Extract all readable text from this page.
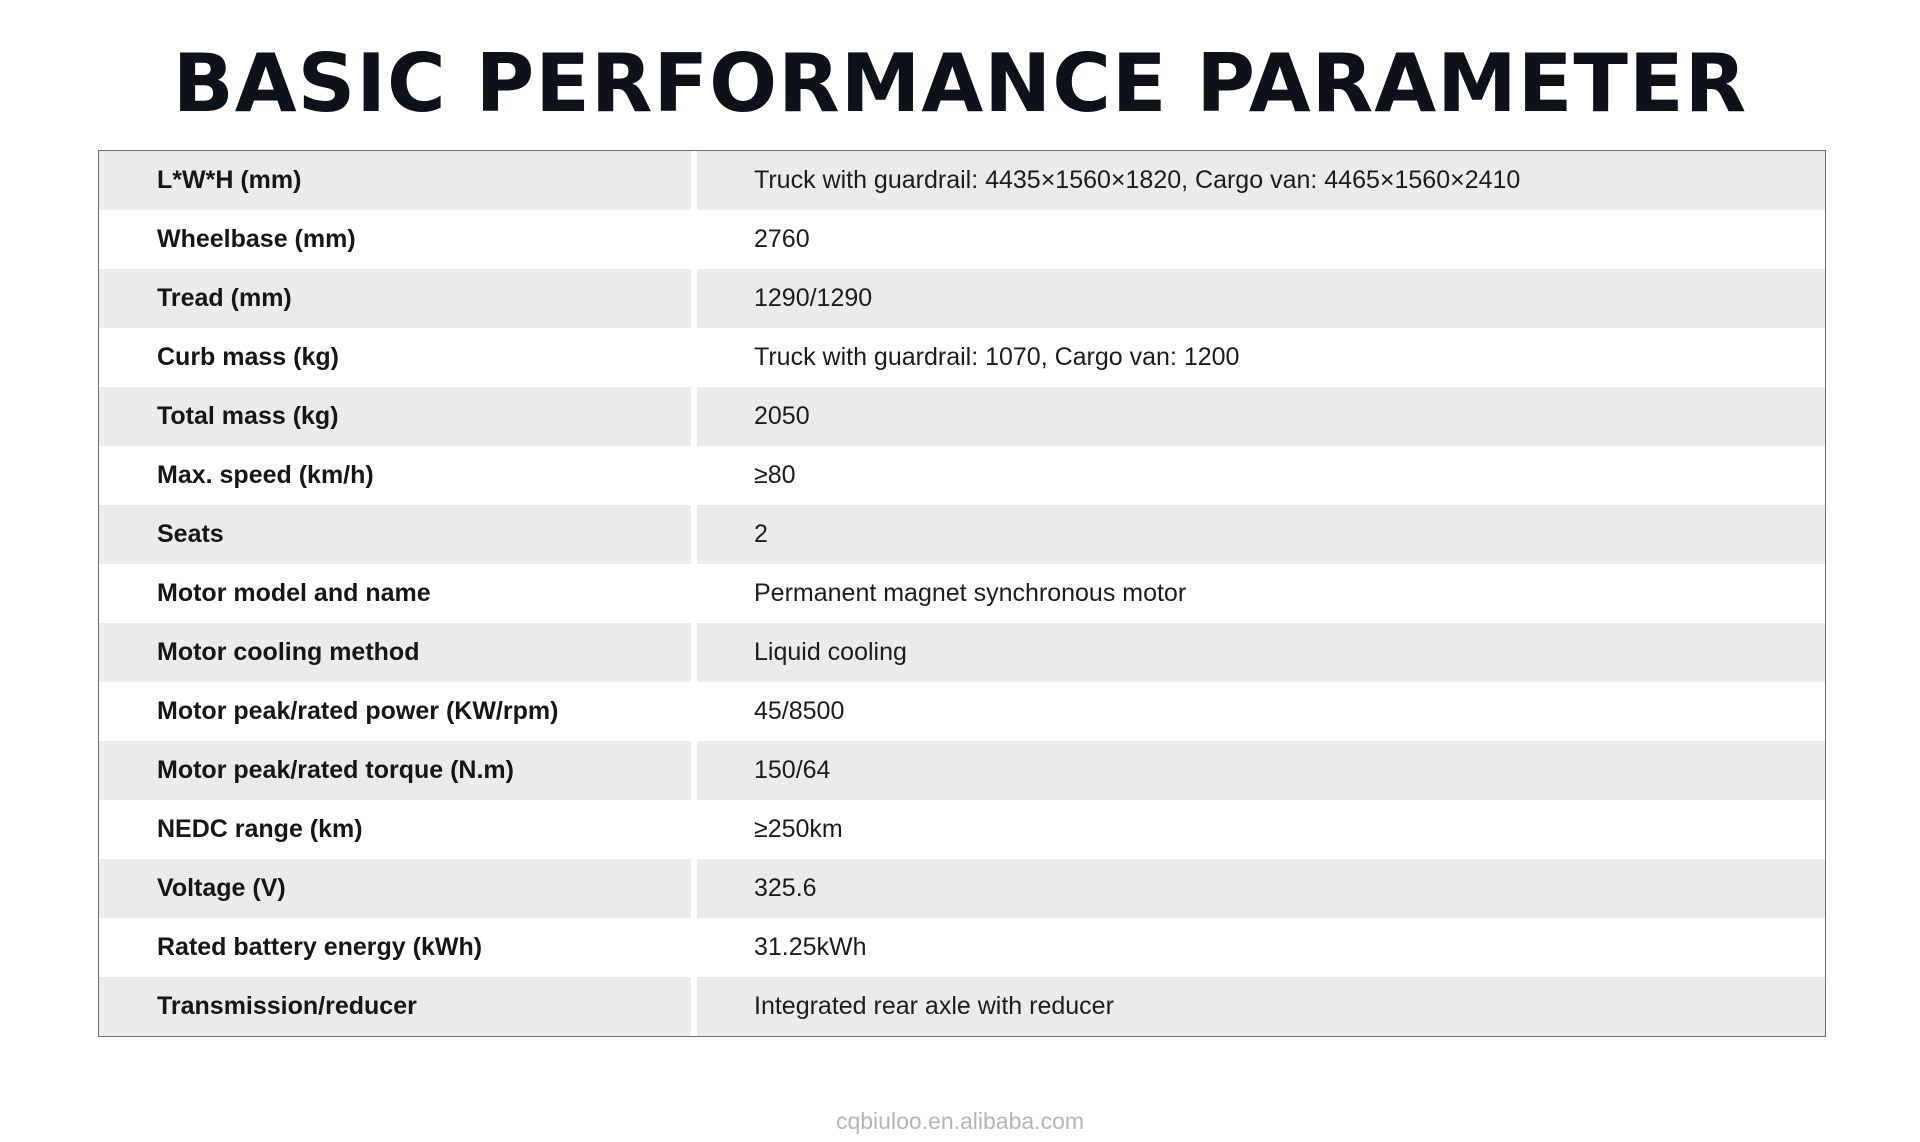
BASIC PERFORMANCE PARAMETER
L*W*H (mm)	Truck with guardrail: 4435×1560×1820, Cargo van: 4465×1560×2410
Wheelbase (mm)	2760
Tread (mm)	1290/1290
Curb mass (kg)	Truck with guardrail: 1070, Cargo van: 1200
Total mass (kg)	2050
Max. speed (km/h)	≥80
Seats	2
Motor model and name	Permanent magnet synchronous motor
Motor cooling method	Liquid cooling
Motor peak/rated power (KW/rpm)	45/8500
Motor peak/rated torque (N.m)	150/64
NEDC range (km)	≥250km
Voltage (V)	325.6
Rated battery energy (kWh)	31.25kWh
Transmission/reducer	Integrated rear axle with reducer
cqbiuloo.en.alibaba.com
